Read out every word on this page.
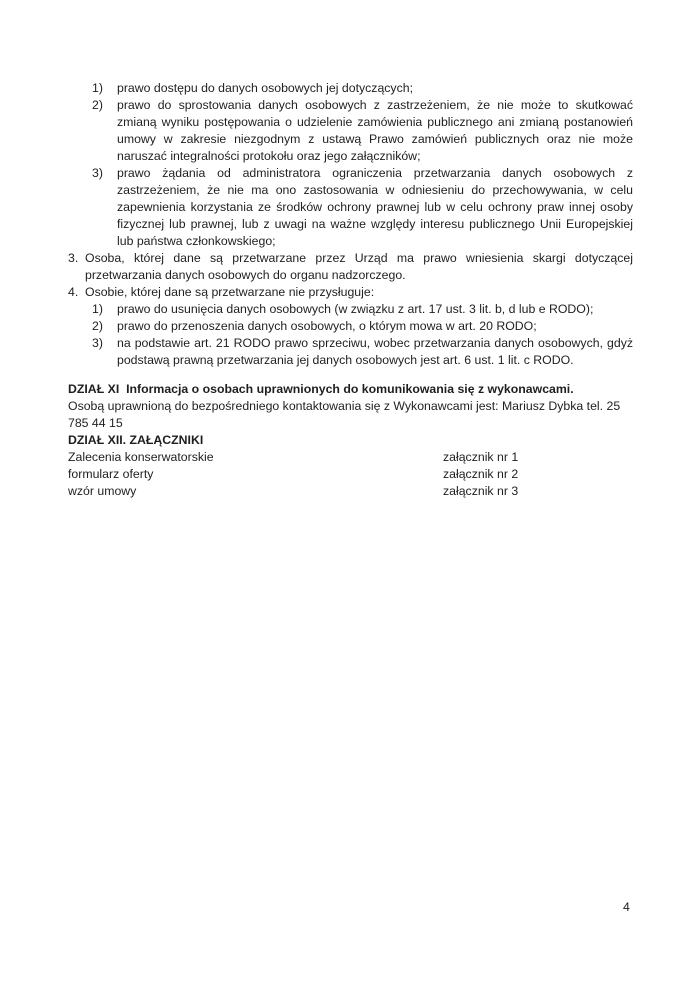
1)	prawo dostępu do danych osobowych jej dotyczących;
2)	prawo do sprostowania danych osobowych z zastrzeżeniem, że nie może to skutkować zmianą wyniku postępowania o udzielenie zamówienia publicznego ani zmianą postanowień umowy w zakresie niezgodnym z ustawą Prawo zamówień publicznych oraz nie może naruszać integralności protokołu oraz jego załączników;
3)	prawo żądania od administratora ograniczenia przetwarzania danych osobowych z zastrzeżeniem, że nie ma ono zastosowania w odniesieniu do przechowywania, w celu zapewnienia korzystania ze środków ochrony prawnej lub w celu ochrony praw innej osoby fizycznej lub prawnej, lub z uwagi na ważne względy interesu publicznego Unii Europejskiej lub państwa członkowskiego;
3. Osoba, której dane są przetwarzane przez Urząd ma prawo wniesienia skargi dotyczącej przetwarzania danych osobowych do organu nadzorczego.
4. Osobie, której dane są przetwarzane nie przysługuje:
1)	prawo do usunięcia danych osobowych (w związku z art. 17 ust. 3 lit. b, d lub e RODO);
2)	prawo do przenoszenia danych osobowych, o którym mowa w art. 20 RODO;
3)	na podstawie art. 21 RODO prawo sprzeciwu, wobec przetwarzania danych osobowych, gdyż podstawą prawną przetwarzania jej danych osobowych jest art. 6 ust. 1 lit. c RODO.
DZIAŁ XI  Informacja o osobach uprawnionych do komunikowania się z wykonawcami.
Osobą uprawnioną do bezpośredniego kontaktowania się z Wykonawcami jest: Mariusz Dybka tel. 25 785 44 15
DZIAŁ XII. ZAŁĄCZNIKI
Zalecenia konserwatorskie	załącznik nr 1
formularz oferty	załącznik nr 2
wzór umowy	załącznik nr 3
4
